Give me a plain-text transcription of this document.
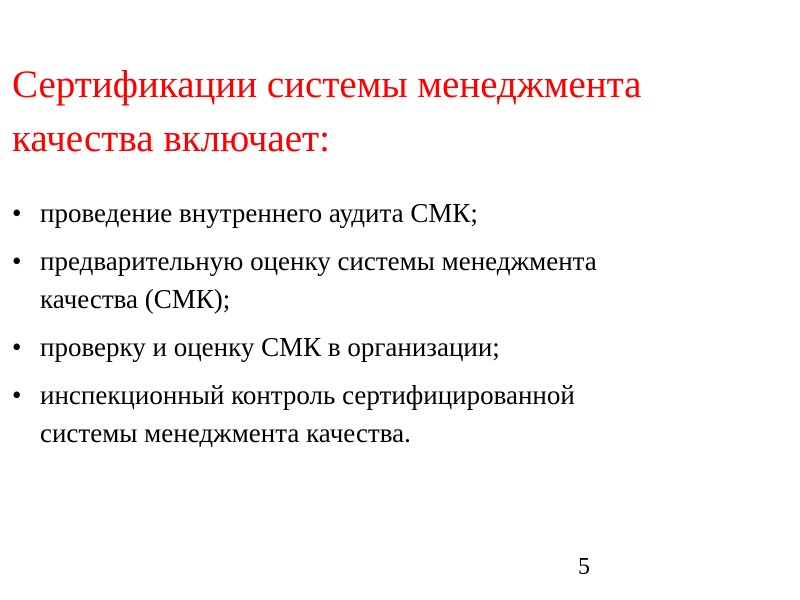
Сертификации системы менеджмента
качества включает:
• проведение внутреннего аудита СМК;
• предварительную оценку системы менеджмента
качества (СМК);
• проверку и оценку СМК в организации;
• инспекционный контроль сертифицированной
системы менеджмента качества.
5
